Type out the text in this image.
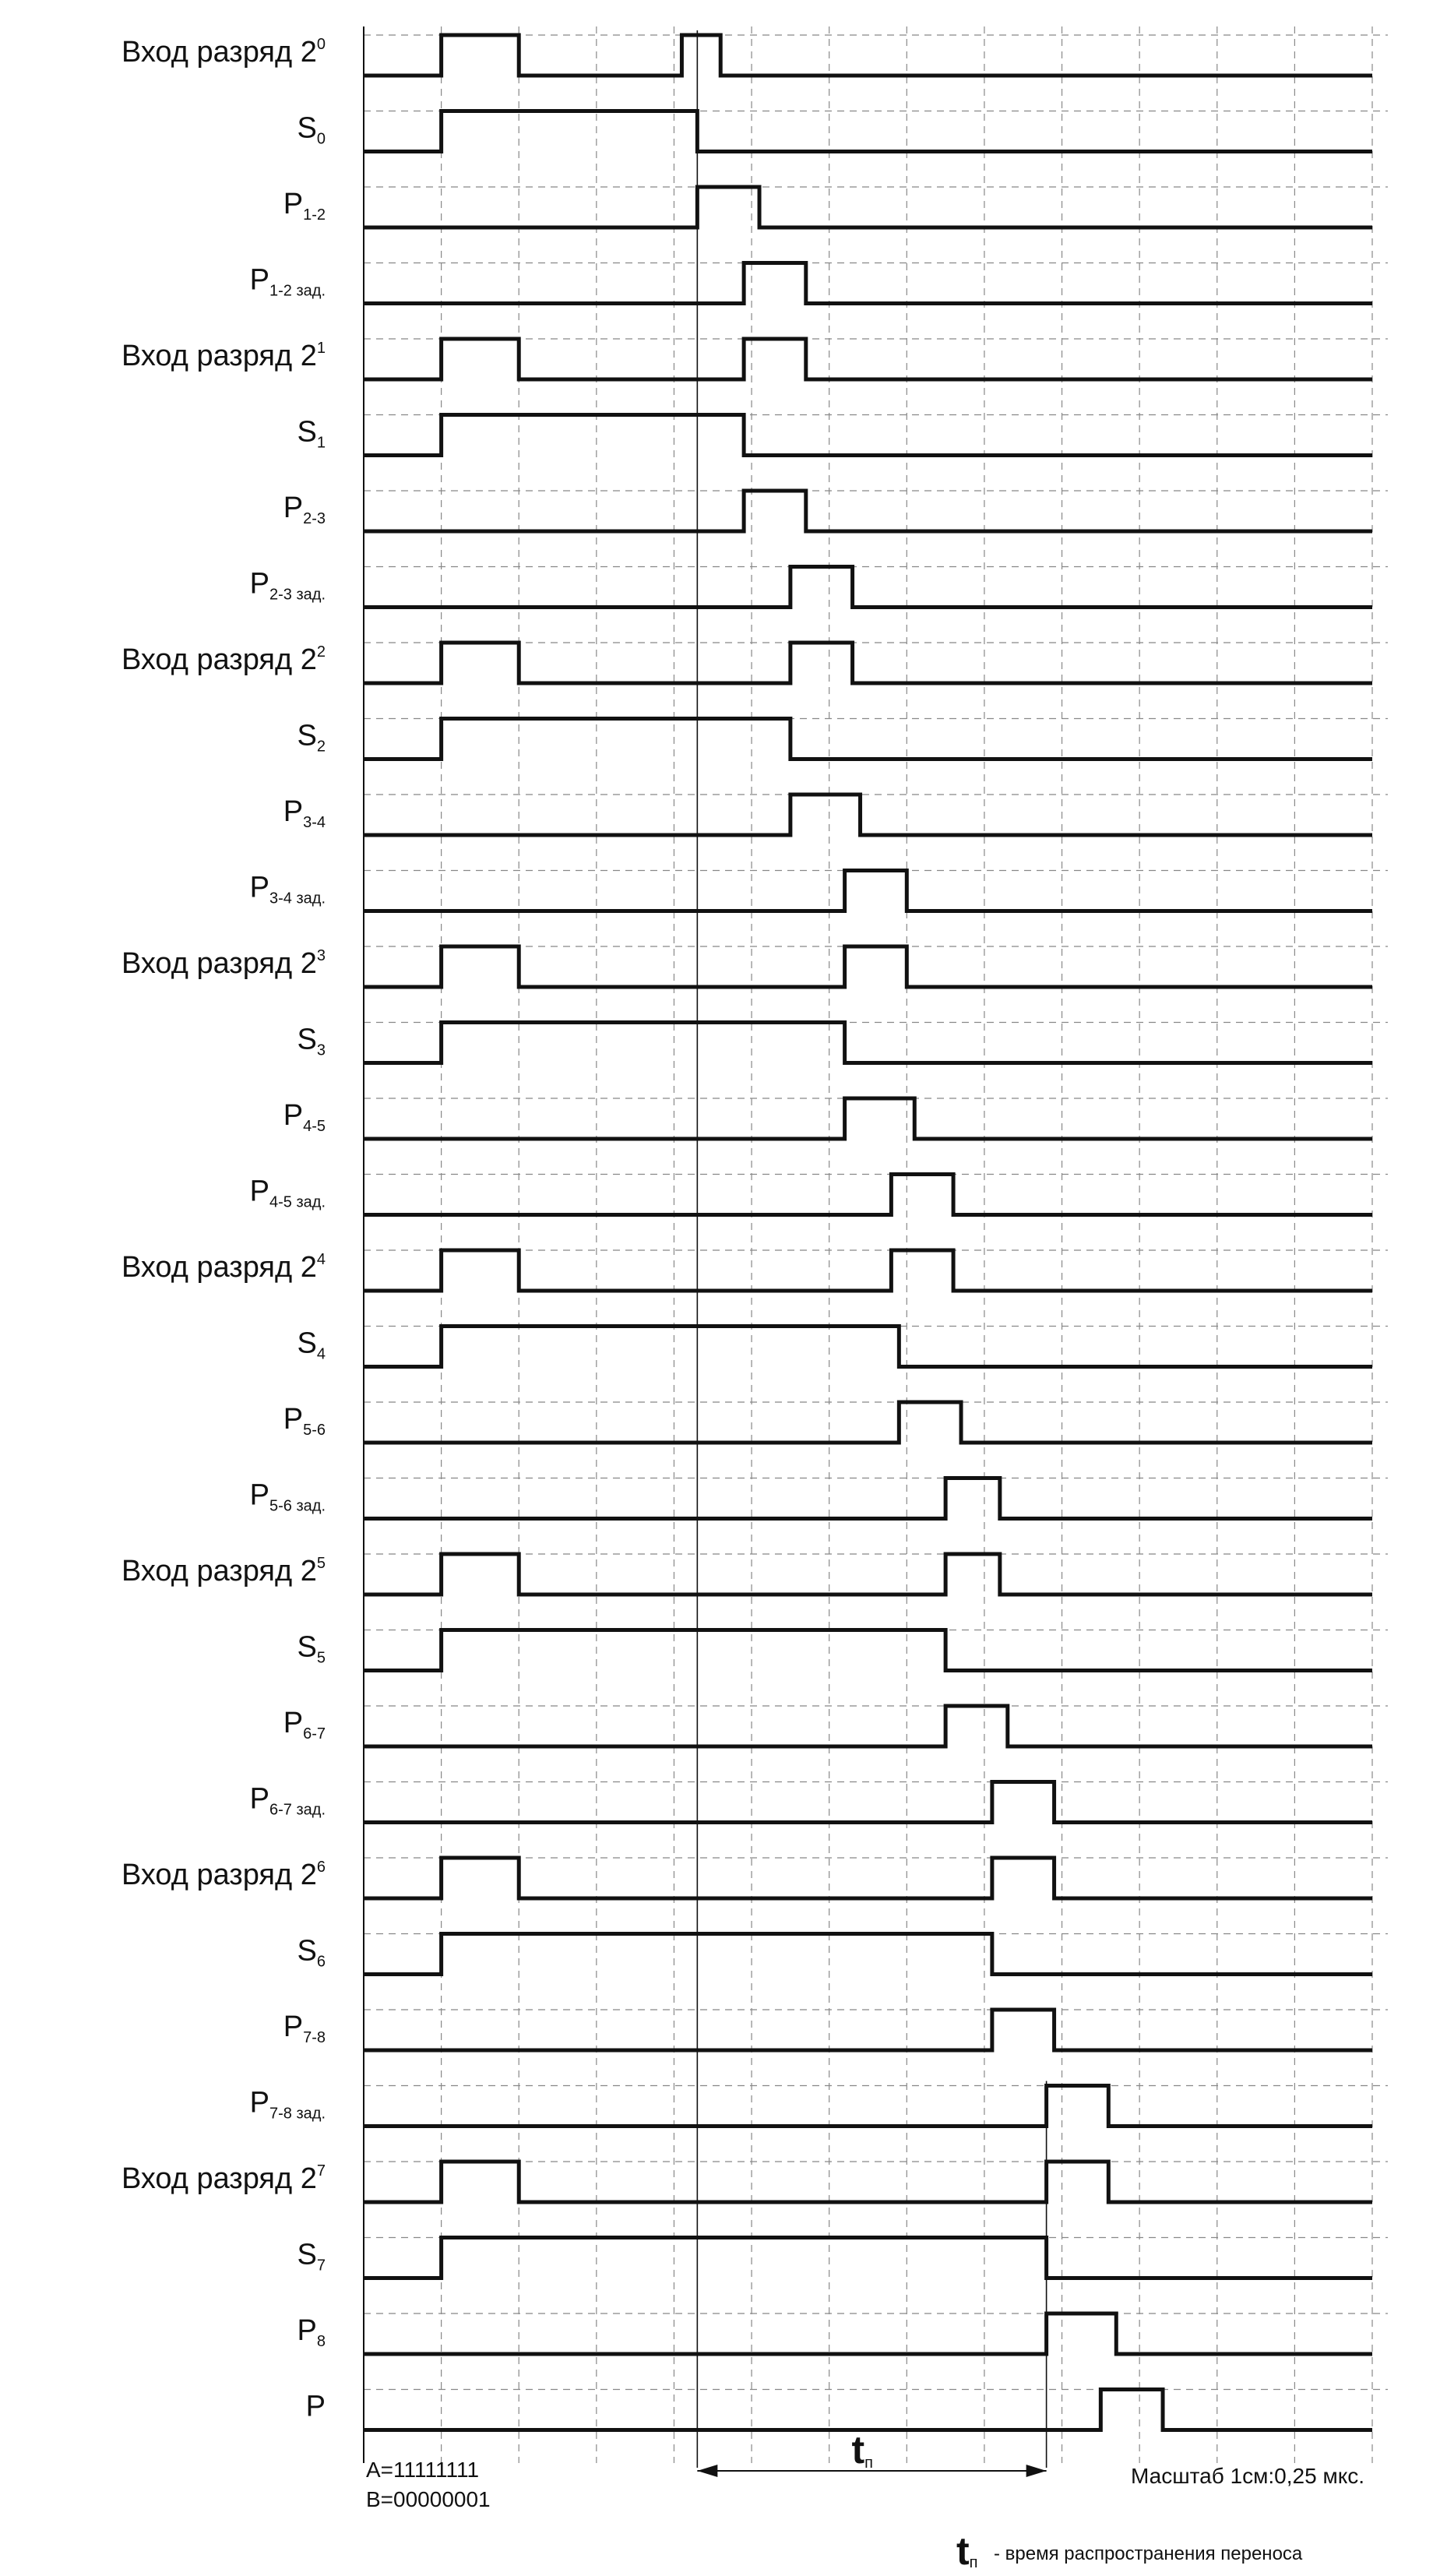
Вход разряд $2^0$
$S_0$
$P_{1-2}$
$P_{1-2 зад.}$
Вход разряд $2^1$
$S_1$
$P_{2-3}$
$P_{2-3 зад.}$
Вход разряд $2^2$
$S_2$
$P_{3-4}$
$P_{3-4 зад.}$
Вход разряд $2^3$
$S_3$
$P_{4-5}$
$P_{4-5 зад.}$
Вход разряд $2^4$
$S_4$
$P_{5-6}$
$P_{5-6 зад.}$
Вход разряд $2^5$
$S_5$
$P_{6-7}$
$P_{6-7 зад.}$
Вход разряд $2^6$
$S_6$
$P_{7-8}$
$P_{7-8 зад.}$
Вход разряд $2^7$
$S_7$
$P_8$
P
A=11111111
B=00000001
Масштаб 1см:0,25 мкс.
tп
tп - время распространения переноса
